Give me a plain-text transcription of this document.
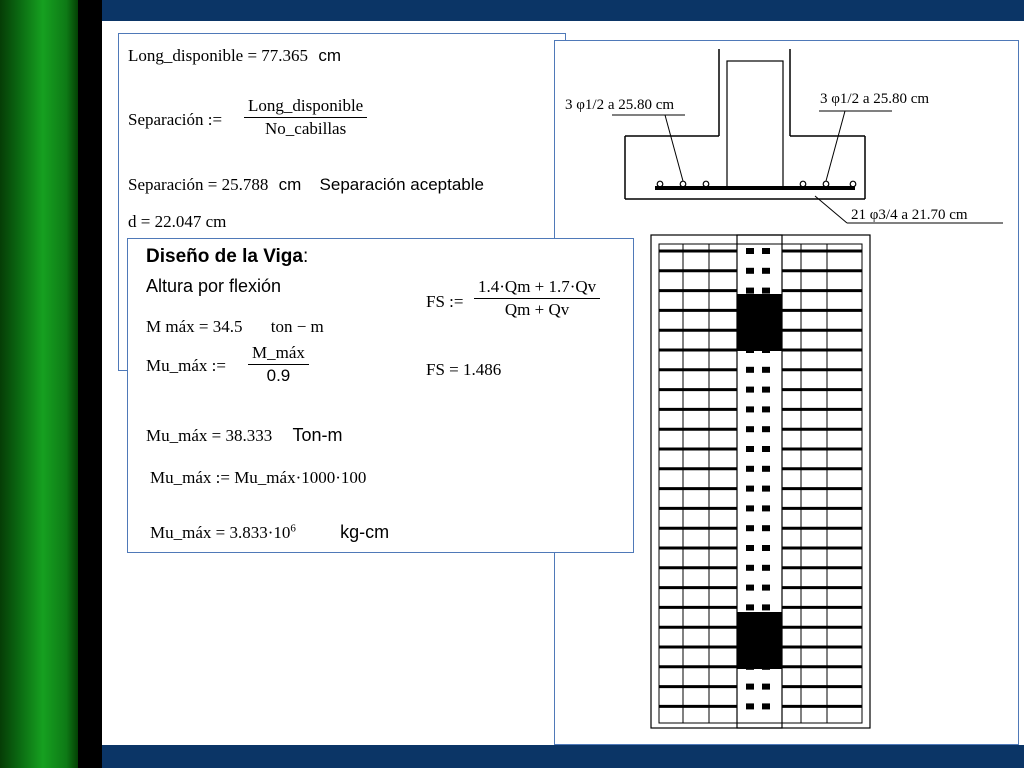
Long_disponible = 77.365 cm
Separación :=
Long_disponible
No_cabillas
Separación = 25.788 cm Separación aceptable
d = 22.047 cm
3 φ1/2 a 25.80 cm	3 φ1/2 a 25.80 cm
21 φ3/4 a 21.70 cm
Diseño de la Viga:
Altura por flexión
M máx = 34.5 ton − m
Mu_máx :=
M_máx
0.9
Mu_máx = 38.333 Ton-m
Mu_máx := Mu_máx·1000·100
Mu_máx = $3.833\cdot 10^6$ kg-cm
FS := $\frac{1.4\cdot Qm + 1.7\cdot Qv}{Qm + Qv}$
FS = 1.486
